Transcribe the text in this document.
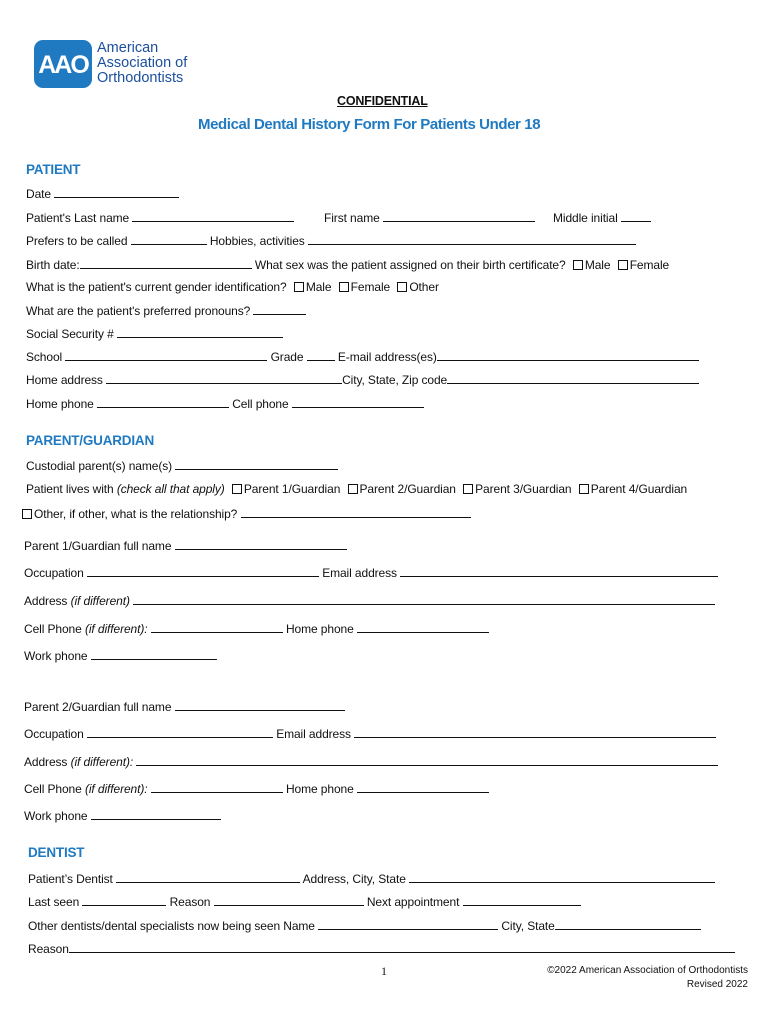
AAO
American
Association of
Orthodontists
CONFIDENTIAL
Medical Dental History Form For Patients Under 18
PATIENT
Date
Patient's Last name	First name	Middle initial
Prefers to be called	Hobbies, activities
Birth date:	What sex was the patient assigned on their birth certificate? Male Female
What is the patient's current gender identification? Male Female Other
What are the patient's preferred pronouns?
Social Security #
School	Grade	E-mail address(es)
Home address	City, State, Zip code
Home phone	Cell phone
PARENT/GUARDIAN
Custodial parent(s) name(s)
Patient lives with (check all that apply) Parent 1/Guardian Parent 2/Guardian Parent 3/Guardian Parent 4/Guardian
Other, if other, what is the relationship?
Parent 1/Guardian full name
Occupation	Email address
Address (if different)
Cell Phone (if different):	Home phone
Work phone
Parent 2/Guardian full name
Occupation	Email address
Address (if different):
Cell Phone (if different):	Home phone
Work phone
DENTIST
Patient’s Dentist	Address, City, State
Last seen	Reason	Next appointment
Other dentists/dental specialists now being seen Name	City, State
Reason
1	©2022 American Association of Orthodontists
Revised 2022
